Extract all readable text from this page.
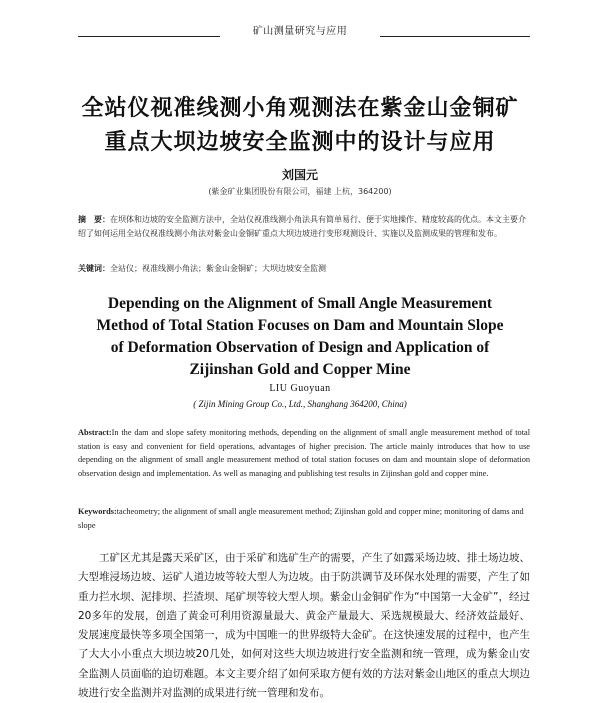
矿山测量研究与应用
全站仪视准线测小角观测法在紫金山金铜矿
重点大坝边坡安全监测中的设计与应用
刘国元
(紫金矿业集团股份有限公司，福建 上杭，364200)
摘　要：在坝体和边坡的安全监测方法中，全站仪视准线测小角法具有简单易行、便于实地操作、精度较高的优点。本文主要介绍了如何运用全站仪视准线测小角法对紫金山金铜矿重点大坝边坡进行变形观测设计、实施以及监测成果的管理和发布。
关键词：全站仪；视准线测小角法；紫金山金铜矿；大坝边坡安全监测
Depending on the Alignment of Small Angle Measurement
Method of Total Station Focuses on Dam and Mountain Slope
of Deformation Observation of Design and Application of
Zijinshan Gold and Copper Mine
LIU Guoyuan
( Zijin Mining Group Co., Ltd., Shanghang 364200, China)
Abstract:In the dam and slope safety monitoring methods, depending on the alignment of small angle measurement method of total station is easy and convenient for field operations, advantages of higher precision. The article mainly introduces that how to use depending on the alignment of small angle measurement method of total station focuses on dam and mountain slope of deformation observation design and implementation. As well as managing and publishing test results in Zijinshan gold and copper mine.
Keywords:tacheometry; the alignment of small angle measurement method; Zijinshan gold and copper mine; monitoring of dams and slope

工矿区尤其是露天采矿区，由于采矿和选矿生产的需要，产生了如露采场边坡、排土场边坡、大型堆浸场边坡、运矿人道边坡等较大型人为边坡。由于防洪调节及环保水处理的需要，产生了如重力拦水坝、泥排坝、拦渣坝、尾矿坝等较大型人坝。紫金山金铜矿作为“中国第一大金矿”，经过20多年的发展，创造了黄金可利用资源量最大、黄金产量最大、采选规模最大、经济效益最好、发展速度最快等多项全国第一，成为中国唯一的世界级特大金矿。在这快速发展的过程中，也产生了大大小小重点大坝边坡20几处，如何对这些大坝边坡进行安全监测和统一管理，成为紫金山安全监测人员面临的迫切难题。本文主要介绍了如何采取方便有效的方法对紫金山地区的重点大坝边坡进行安全监测并对监测的成果进行统一管理和发布。
